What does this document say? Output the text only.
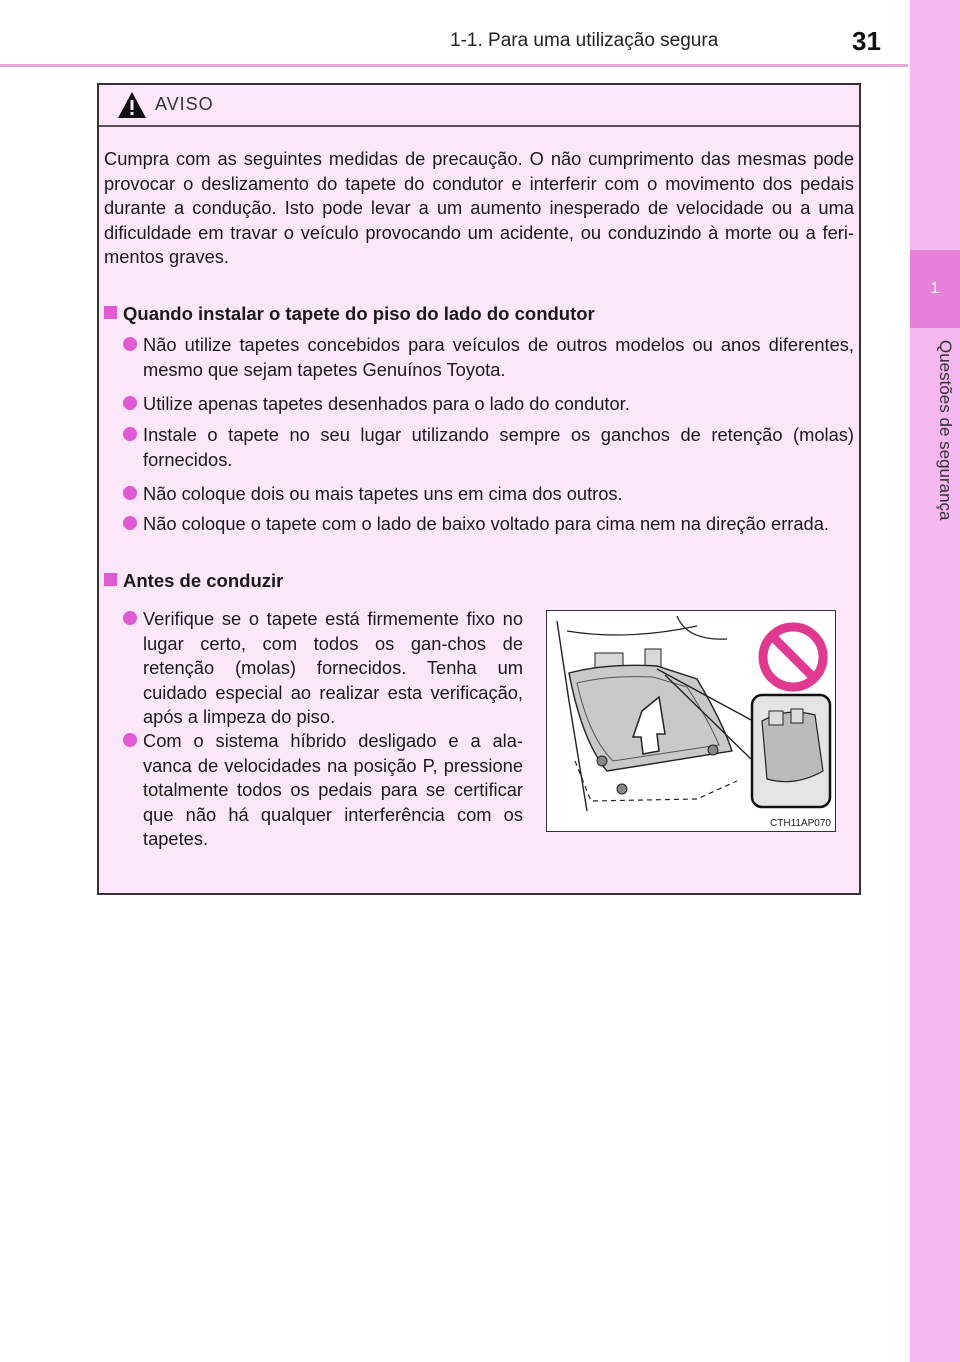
1-1. Para uma utilização segura	31
1
Questões de segurança
AVISO

Cumpra com as seguintes medidas de precaução. O não cumprimento das mesmas pode provocar o deslizamento do tapete do condutor e interferir com o movimento dos pedais durante a condução. Isto pode levar a um aumento inesperado de velocidade ou a uma dificuldade em travar o veículo provocando um acidente, ou conduzindo à morte ou a feri-mentos graves.

Quando instalar o tapete do piso do lado do condutor
Não utilize tapetes concebidos para veículos de outros modelos ou anos diferentes, mesmo que sejam tapetes Genuínos Toyota.
Utilize apenas tapetes desenhados para o lado do condutor.
Instale o tapete no seu lugar utilizando sempre os ganchos de retenção (molas) fornecidos.
Não coloque dois ou mais tapetes uns em cima dos outros.
Não coloque o tapete com o lado de baixo voltado para cima nem na direção errada.
Antes de conduzir
Verifique se o tapete está firmemente fixo no lugar certo, com todos os gan-chos de retenção (molas) fornecidos. Tenha um cuidado especial ao realizar esta verificação, após a limpeza do piso.
Com o sistema híbrido desligado e a ala-vanca de velocidades na posição P, pressione totalmente todos os pedais para se certificar que não há qualquer interferência com os tapetes.
CTH11AP070
